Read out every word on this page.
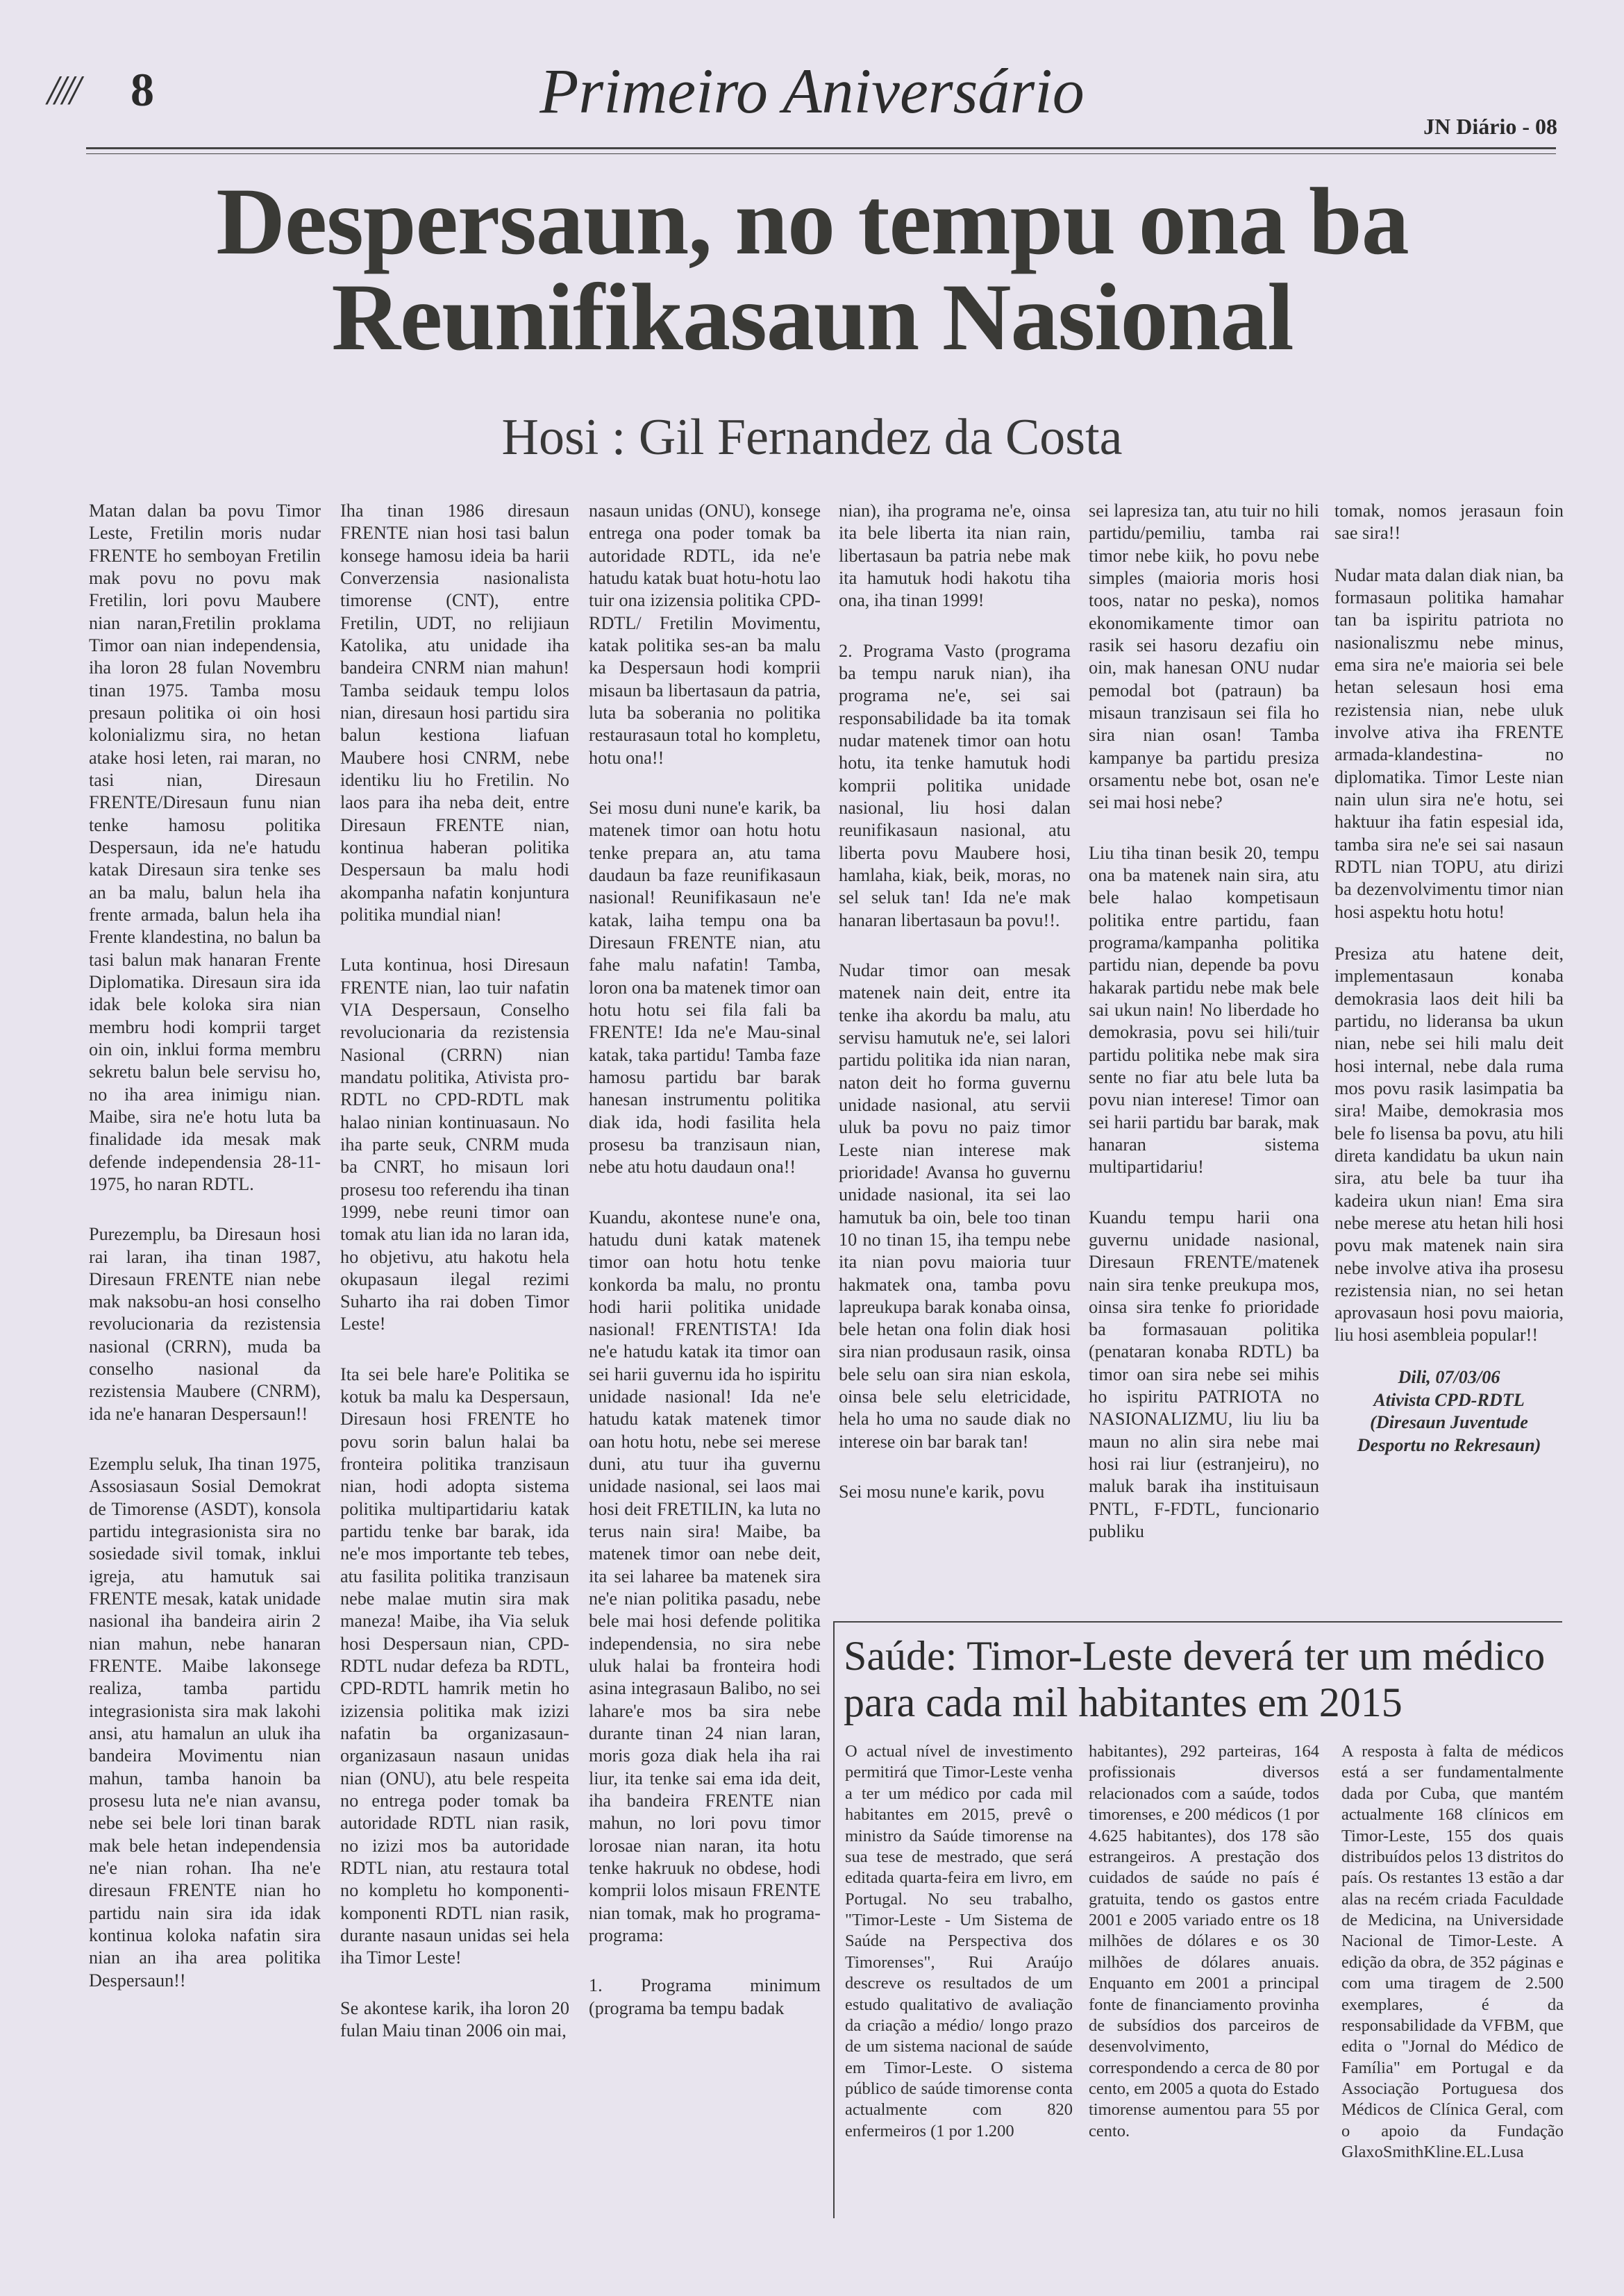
//// 8	Primeiro Aniversário	JN Diário - 08
Despersaun, no tempu ona ba
Reunifikasaun Nasional
Hosi : Gil Fernandez da Costa

Matan dalan ba povu Timor Leste, Fretilin moris nudar FRENTE ho semboyan Fretilin mak povu no povu mak Fretilin, lori povu Maubere nian naran,Fretilin proklama Timor oan nian independensia, iha loron 28 fulan Novembru tinan 1975. Tamba mosu presaun politika oi oin hosi kolonializmu sira, no hetan atake hosi leten, rai maran, no tasi nian, Diresaun FRENTE/Diresaun funu nian tenke hamosu politika Despersaun, ida ne'e hatudu katak Diresaun sira tenke ses an ba malu, balun hela iha frente armada, balun hela iha Frente klandestina, no balun ba tasi balun mak hanaran Frente Diplomatika. Diresaun sira ida idak bele koloka sira nian membru hodi komprii target oin oin, inklui forma membru sekretu balun bele servisu ho, no iha area inimigu nian. Maibe, sira ne'e hotu luta ba finalidade ida mesak mak defende independensia 28-11-1975, ho naran RDTL.

Purezemplu, ba Diresaun hosi rai laran, iha tinan 1987, Diresaun FRENTE nian nebe mak naksobu-an hosi conselho revolucionaria da rezistensia nasional (CRRN), muda ba conselho nasional da rezistensia Maubere (CNRM), ida ne'e hanaran Despersaun!!

Ezemplu seluk, Iha tinan 1975, Assosiasaun Sosial Demokrat de Timorense (ASDT), konsola partidu integrasionista sira no sosiedade sivil tomak, inklui igreja, atu hamutuk sai FRENTE mesak, katak unidade nasional iha bandeira airin 2 nian mahun, nebe hanaran FRENTE. Maibe lakonsege realiza, tamba partidu integrasionista sira mak lakohi ansi, atu hamalun an uluk iha bandeira Movimentu nian mahun, tamba hanoin ba prosesu luta ne'e nian avansu, nebe sei bele lori tinan barak mak bele hetan independensia ne'e nian rohan. Iha ne'e diresaun FRENTE nian ho partidu nain sira ida idak kontinua koloka nafatin sira nian an iha area politika Despersaun!!

Iha tinan 1986 diresaun FRENTE nian hosi tasi balun konsege hamosu ideia ba harii Converzensia nasionalista timorense (CNT), entre Fretilin, UDT, no relijiaun Katolika, atu unidade iha bandeira CNRM nian mahun! Tamba seidauk tempu lolos nian, diresaun hosi partidu sira balun kestiona liafuan Maubere hosi CNRM, nebe identiku liu ho Fretilin. No laos para iha neba deit, entre Diresaun FRENTE nian, kontinua haberan politika Despersaun ba malu hodi akompanha nafatin konjuntura politika mundial nian!

Luta kontinua, hosi Diresaun FRENTE nian, lao tuir nafatin VIA Despersaun, Conselho revolucionaria da rezistensia Nasional (CRRN) nian mandatu politika, Ativista pro-RDTL no CPD-RDTL mak halao ninian kontinuasaun. No iha parte seuk, CNRM muda ba CNRT, ho misaun lori prosesu too referendu iha tinan 1999, nebe reuni timor oan tomak atu lian ida no laran ida, ho objetivu, atu hakotu hela okupasaun ilegal rezimi Suharto iha rai doben Timor Leste!

Ita sei bele hare'e Politika se kotuk ba malu ka Despersaun, Diresaun hosi FRENTE ho povu sorin balun halai ba fronteira politika tranzisaun nian, hodi adopta sistema politika multipartidariu katak partidu tenke bar barak, ida ne'e mos importante teb tebes, atu fasilita politika tranzisaun nebe malae mutin sira mak maneza! Maibe, iha Via seluk hosi Despersaun nian, CPD-RDTL nudar defeza ba RDTL, CPD-RDTL hamrik metin ho izizensia politika mak izizi nafatin ba organizasaun-organizasaun nasaun unidas nian (ONU), atu bele respeita no entrega poder tomak ba autoridade RDTL nian rasik, no izizi mos ba autoridade RDTL nian, atu restaura total no kompletu ho komponenti-komponenti RDTL nian rasik, durante nasaun unidas sei hela iha Timor Leste!

Se akontese karik, iha loron 20 fulan Maiu tinan 2006 oin mai,

nasaun unidas (ONU), konsege entrega ona poder tomak ba autoridade RDTL, ida ne'e hatudu katak buat hotu-hotu lao tuir ona izizensia politika CPD-RDTL/ Fretilin Movimentu, katak politika ses-an ba malu ka Despersaun hodi komprii misaun ba libertasaun da patria, luta ba soberania no politika restaurasaun total ho kompletu, hotu ona!!

Sei mosu duni nune'e karik, ba matenek timor oan hotu hotu tenke prepara an, atu tama daudaun ba faze reunifikasaun nasional! Reunifikasaun ne'e katak, laiha tempu ona ba Diresaun FRENTE nian, atu fahe malu nafatin! Tamba, loron ona ba matenek timor oan hotu hotu sei fila fali ba FRENTE! Ida ne'e Mau-sinal katak, taka partidu! Tamba faze hamosu partidu bar barak hanesan instrumentu politika diak ida, hodi fasilita hela prosesu ba tranzisaun nian, nebe atu hotu daudaun ona!!

Kuandu, akontese nune'e ona, hatudu duni katak matenek timor oan hotu hotu tenke konkorda ba malu, no prontu hodi harii politika unidade nasional! FRENTISTA! Ida ne'e hatudu katak ita timor oan sei harii guvernu ida ho ispiritu unidade nasional! Ida ne'e hatudu katak matenek timor oan hotu hotu, nebe sei merese duni, atu tuur iha guvernu unidade nasional, sei laos mai hosi deit FRETILIN, ka luta no terus nain sira! Maibe, ba matenek timor oan nebe deit, ita sei laharee ba matenek sira ne'e nian politika pasadu, nebe bele mai hosi defende politika independensia, no sira nebe uluk halai ba fronteira hodi asina integrasaun Balibo, no sei lahare'e mos ba sira nebe durante tinan 24 nian laran, moris goza diak hela iha rai liur, ita tenke sai ema ida deit, iha bandeira FRENTE nian mahun, no lori povu timor lorosae nian naran, ita hotu tenke hakruuk no obdese, hodi komprii lolos misaun FRENTE nian tomak, mak ho programa-programa:

1. Programa minimum (programa ba tempu badak

nian), iha programa ne'e, oinsa ita bele liberta ita nian rain, libertasaun ba patria nebe mak ita hamutuk hodi hakotu tiha ona, iha tinan 1999!

2. Programa Vasto (programa ba tempu naruk nian), iha programa ne'e, sei sai responsabilidade ba ita tomak nudar matenek timor oan hotu hotu, ita tenke hamutuk hodi komprii politika unidade nasional, liu hosi dalan reunifikasaun nasional, atu liberta povu Maubere hosi, hamlaha, kiak, beik, moras, no sel seluk tan! Ida ne'e mak hanaran libertasaun ba povu!!.

Nudar timor oan mesak matenek nain deit, entre ita tenke iha akordu ba malu, atu servisu hamutuk ne'e, sei lalori partidu politika ida nian naran, naton deit ho forma guvernu unidade nasional, atu servii uluk ba povu no paiz timor Leste nian interese mak prioridade! Avansa ho guvernu unidade nasional, ita sei lao hamutuk ba oin, bele too tinan 10 no tinan 15, iha tempu nebe ita nian povu maioria tuur hakmatek ona, tamba povu lapreukupa barak konaba oinsa, bele hetan ona folin diak hosi sira nian produsaun rasik, oinsa bele selu oan sira nian eskola, oinsa bele selu eletricidade, hela ho uma no saude diak no interese oin bar barak tan!

Sei mosu nune'e karik, povu

sei lapresiza tan, atu tuir no hili partidu/pemiliu, tamba rai timor nebe kiik, ho povu nebe simples (maioria moris hosi toos, natar no peska), nomos ekonomikamente timor oan rasik sei hasoru dezafiu oin oin, mak hanesan ONU nudar pemodal bot (patraun) ba misaun tranzisaun sei fila ho sira nian osan! Tamba kampanye ba partidu presiza orsamentu nebe bot, osan ne'e sei mai hosi nebe?

Liu tiha tinan besik 20, tempu ona ba matenek nain sira, atu bele halao kompetisaun politika entre partidu, faan programa/kampanha politika partidu nian, depende ba povu hakarak partidu nebe mak bele sai ukun nain! No liberdade ho demokrasia, povu sei hili/tuir partidu politika nebe mak sira sente no fiar atu bele luta ba povu nian interese! Timor oan sei harii partidu bar barak, mak hanaran sistema multipartidariu!

Kuandu tempu harii ona guvernu unidade nasional, Diresaun FRENTE/matenek nain sira tenke preukupa mos, oinsa sira tenke fo prioridade ba formasauan politika (penataran konaba RDTL) ba timor oan sira nebe sei mihis ho ispiritu PATRIOTA no NASIONALIZMU, liu liu ba maun no alin sira nebe mai hosi rai liur (estranjeiru), no maluk barak iha instituisaun PNTL, F-FDTL, funcionario publiku

tomak, nomos jerasaun foin sae sira!!

Nudar mata dalan diak nian, ba formasaun politika hamahar tan ba ispiritu patriota no nasionaliszmu nebe minus, ema sira ne'e maioria sei bele hetan selesaun hosi ema rezistensia nian, nebe uluk involve ativa iha FRENTE armada-klandestina- no diplomatika. Timor Leste nian nain ulun sira ne'e hotu, sei haktuur iha fatin espesial ida, tamba sira ne'e sei sai nasaun RDTL nian TOPU, atu dirizi ba dezenvolvimentu timor nian hosi aspektu hotu hotu!

Presiza atu hatene deit, implementasaun konaba demokrasia laos deit hili ba partidu, no lideransa ba ukun nian, nebe sei hili malu deit hosi internal, nebe dala ruma mos povu rasik lasimpatia ba sira! Maibe, demokrasia mos bele fo lisensa ba povu, atu hili direta kandidatu ba ukun nain sira, atu bele ba tuur iha kadeira ukun nian! Ema sira nebe merese atu hetan hili hosi povu mak matenek nain sira nebe involve ativa iha prosesu rezistensia nian, no sei hetan aprovasaun hosi povu maioria, liu hosi asembleia popular!!

Dili, 07/03/06
Ativista CPD-RDTL
(Diresaun Juventude
Desportu no Rekresaun)
Saúde: Timor-Leste deverá ter um médico para cada mil habitantes em 2015

O actual nível de investimento permitirá que Timor-Leste venha a ter um médico por cada mil habitantes em 2015, prevê o ministro da Saúde timorense na sua tese de mestrado, que será editada quarta-feira em livro, em Portugal. No seu trabalho, "Timor-Leste - Um Sistema de Saúde na Perspectiva dos Timorenses", Rui Araújo descreve os resultados de um estudo qualitativo de avaliação da criação a médio/ longo prazo de um sistema nacional de saúde em Timor-Leste. O sistema público de saúde timorense conta actualmente com 820 enfermeiros (1 por 1.200

habitantes), 292 parteiras, 164 profissionais diversos relacionados com a saúde, todos timorenses, e 200 médicos (1 por 4.625 habitantes), dos 178 são estrangeiros. A prestação dos cuidados de saúde no país é gratuita, tendo os gastos entre 2001 e 2005 variado entre os 18 milhões de dólares e os 30 milhões de dólares anuais. Enquanto em 2001 a principal fonte de financiamento provinha de subsídios dos parceiros de desenvolvimento, correspondendo a cerca de 80 por cento, em 2005 a quota do Estado timorense aumentou para 55 por cento.

A resposta à falta de médicos está a ser fundamentalmente dada por Cuba, que mantém actualmente 168 clínicos em Timor-Leste, 155 dos quais distribuídos pelos 13 distritos do país. Os restantes 13 estão a dar alas na recém criada Faculdade de Medicina, na Universidade Nacional de Timor-Leste. A edição da obra, de 352 páginas e com uma tiragem de 2.500 exemplares, é da responsabilidade da VFBM, que edita o "Jornal do Médico de Família" em Portugal e da Associação Portuguesa dos Médicos de Clínica Geral, com o apoio da Fundação GlaxoSmithKline.EL.Lusa
